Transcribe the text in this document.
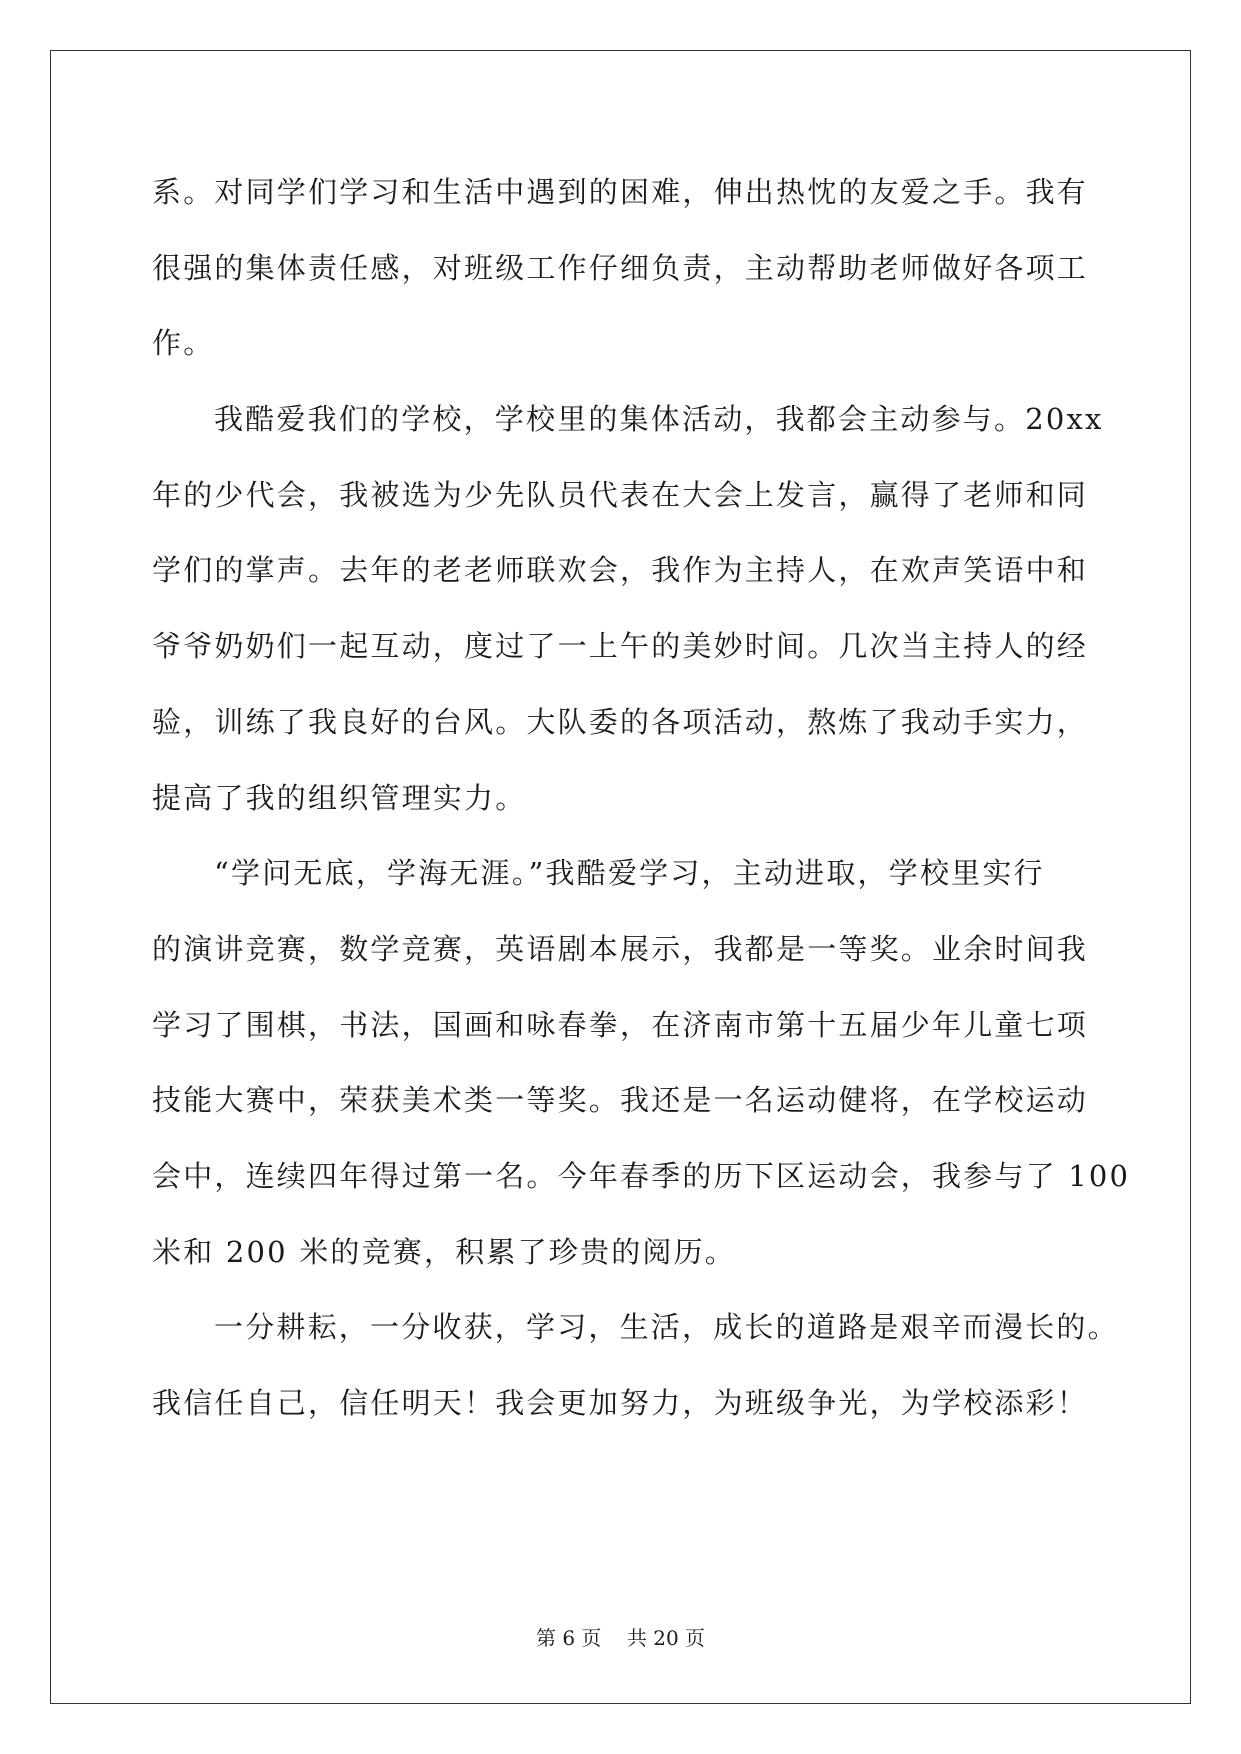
系。对同学们学习和生活中遇到的困难，伸出热忱的友爱之手。我有
很强的集体责任感，对班级工作仔细负责，主动帮助老师做好各项工
作。
我酷爱我们的学校，学校里的集体活动，我都会主动参与。20xx
年的少代会，我被选为少先队员代表在大会上发言，赢得了老师和同
学们的掌声。去年的老老师联欢会，我作为主持人，在欢声笑语中和
爷爷奶奶们一起互动，度过了一上午的美妙时间。几次当主持人的经
验，训练了我良好的台风。大队委的各项活动，熬炼了我动手实力，
提高了我的组织管理实力。
“学问无底，学海无涯。”我酷爱学习，主动进取，学校里实行
的演讲竞赛，数学竞赛，英语剧本展示，我都是一等奖。业余时间我
学习了围棋，书法，国画和咏春拳，在济南市第十五届少年儿童七项
技能大赛中，荣获美术类一等奖。我还是一名运动健将，在学校运动
会中，连续四年得过第一名。今年春季的历下区运动会，我参与了 100
米和 200 米的竞赛，积累了珍贵的阅历。
一分耕耘，一分收获，学习，生活，成长的道路是艰辛而漫长的。
我信任自己，信任明天！我会更加努力，为班级争光，为学校添彩！
第 6 页 共 20 页
